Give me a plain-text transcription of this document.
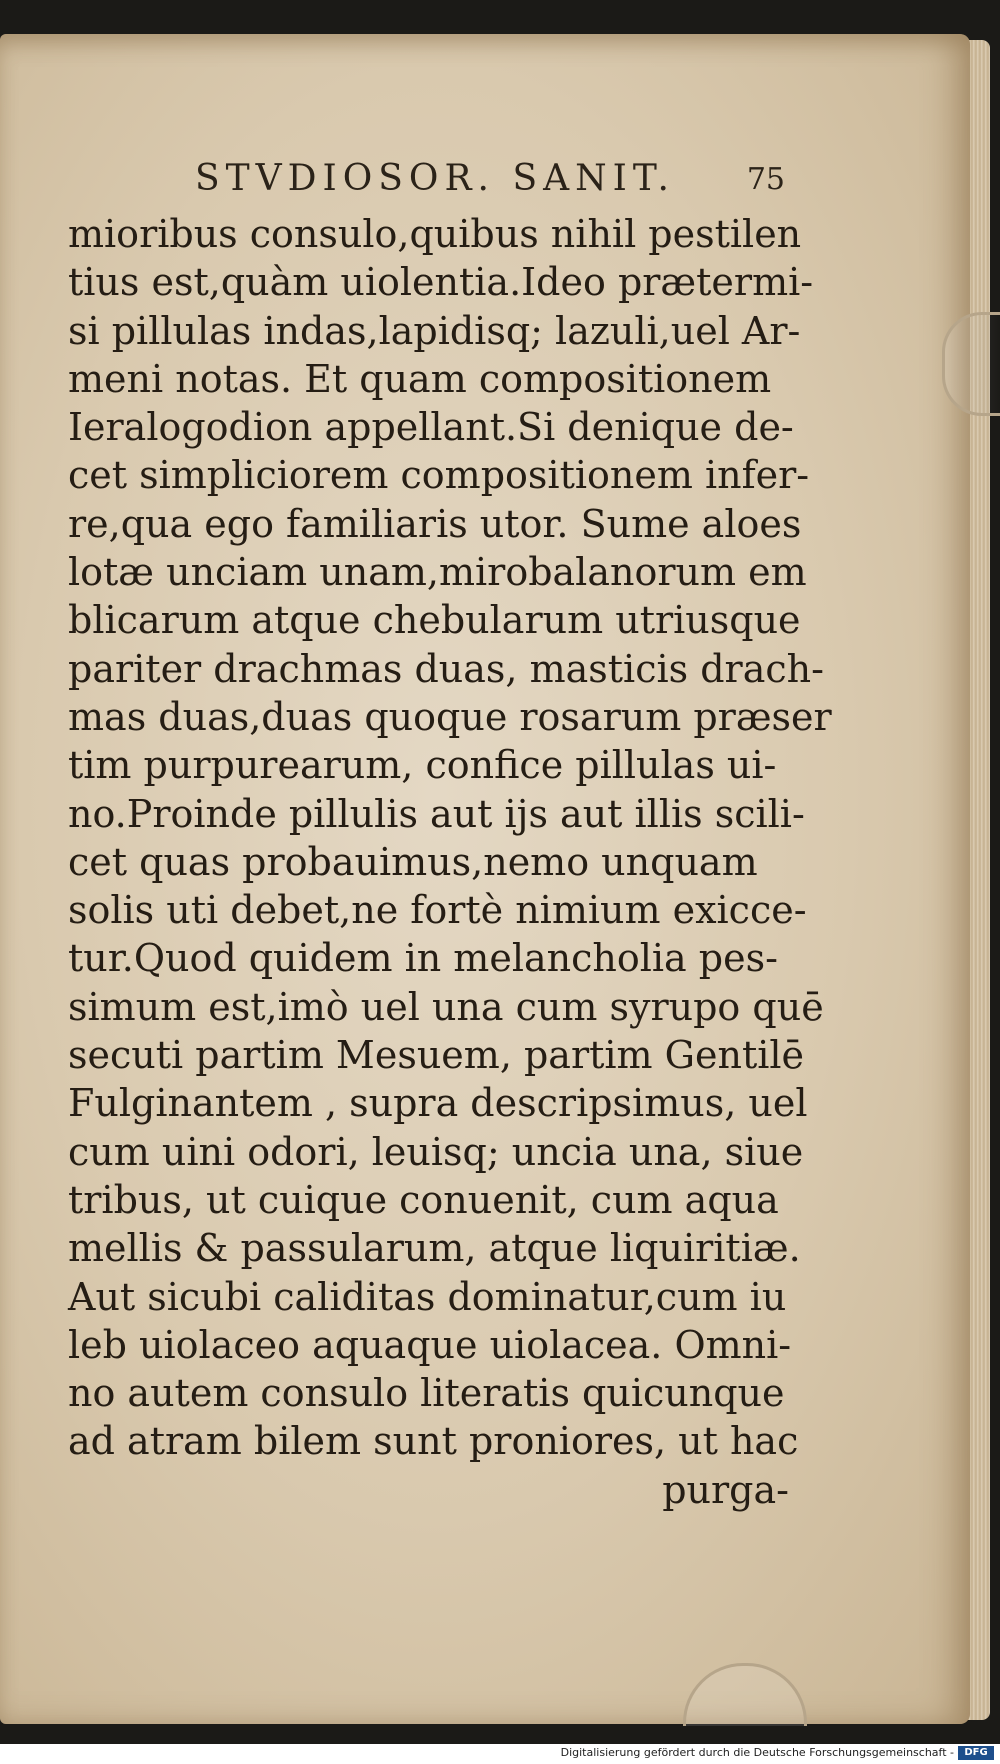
STVDIOSOR. SANIT. 75
mioribus consulo,quibus nihil pestilen
tius est,quàm uiolentia.Ideo prætermi-
si pillulas indas,lapidisq; lazuli,uel Ar-
meni notas. Et quam compositionem
Ieralogodion appellant.Si denique de-
cet simpliciorem compositionem infer-
re,qua ego familiaris utor. Sume aloes
lotæ unciam unam,mirobalanorum em
blicarum atque chebularum utriusque
pariter drachmas duas, masticis drach-
mas duas,duas quoque rosarum præser
tim purpurearum, confice pillulas ui-
no.Proinde pillulis aut ijs aut illis scili-
cet quas probauimus,nemo unquam
solis uti debet,ne fortè nimium exicce-
tur.Quod quidem in melancholia pes-
simum est,imò uel una cum syrupo quē
secuti partim Mesuem, partim Gentilē
Fulginantem , supra descripsimus, uel
cum uini odori, leuisq; uncia una, siue
tribus, ut cuique conuenit, cum aqua
mellis & passularum, atque liquiritiæ.
Aut sicubi caliditas dominatur,cum iu
leb uiolaceo aquaque uiolacea. Omni-
no autem consulo literatis quicunque
ad atram bilem sunt proniores, ut hac
purga-
Digitalisierung gefördert durch die Deutsche Forschungsgemeinschaft -	DFG
